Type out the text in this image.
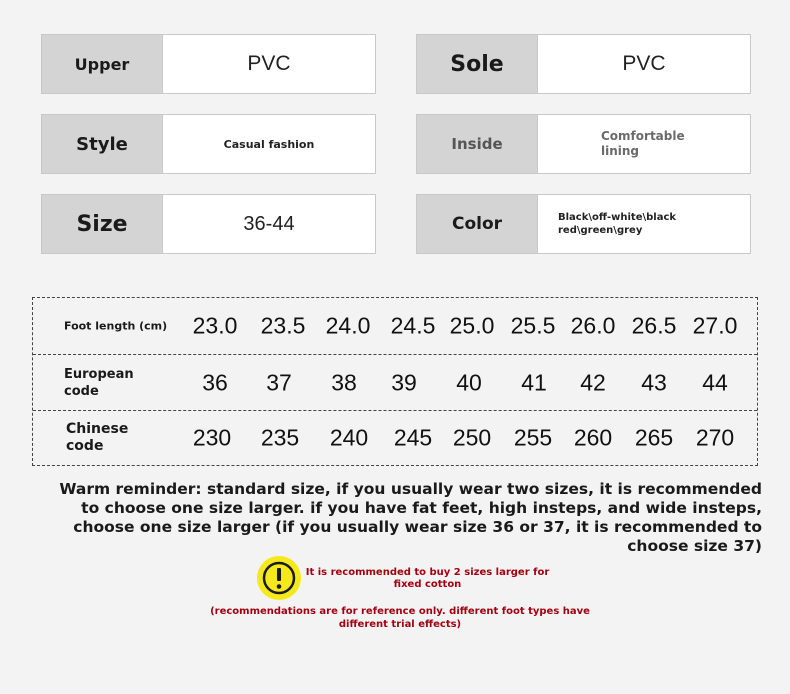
Upper	PVC	Sole	PVC
Style	Casual fashion	Inside	Comfortable
lining
Size	36-44	Color	Black\off-white\black
red\green\grey
Foot length (cm) 23.0 23.5 24.0 24.5 25.0 25.5 26.0 26.5 27.0
European
code	36 37 38 39 40 41 42 43 44
Chinese
code	230 235 240 245 250 255 260 265 270
Warm reminder: standard size, if you usually wear two sizes, it is recommended to choose one size larger. if you have fat feet, high insteps, and wide insteps, choose one size larger (if you usually wear size 36 or 37, it is recommended to choose size 37)
It is recommended to buy 2 sizes larger for fixed cotton
(recommendations are for reference only. different foot types have different trial effects)
